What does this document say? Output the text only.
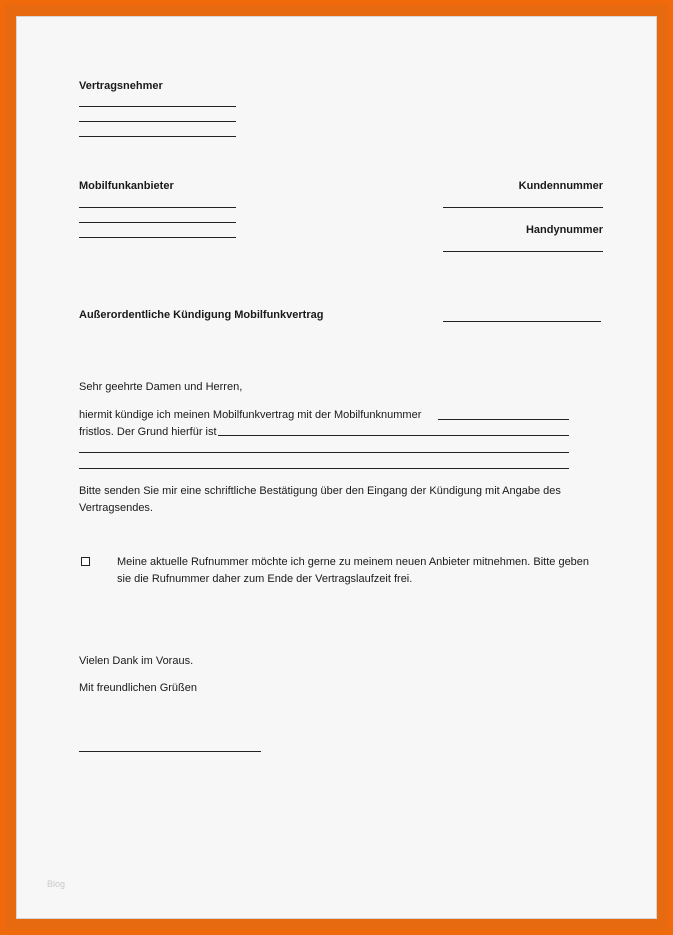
Vertragsnehmer
Mobilfunkanbieter	Kundennummer
Handynummer
Außerordentliche Kündigung Mobilfunkvertrag
Sehr geehrte Damen und Herren,
hiermit kündige ich meinen Mobilfunkvertrag mit der Mobilfunknummer
fristlos. Der Grund hierfür ist
Bitte senden Sie mir eine schriftliche Bestätigung über den Eingang der Kündigung mit Angabe des
Vertragsendes.
Meine aktuelle Rufnummer möchte ich gerne zu meinem neuen Anbieter mitnehmen. Bitte geben
sie die Rufnummer daher zum Ende der Vertragslaufzeit frei.
Vielen Dank im Voraus.
Mit freundlichen Grüßen
Blog
